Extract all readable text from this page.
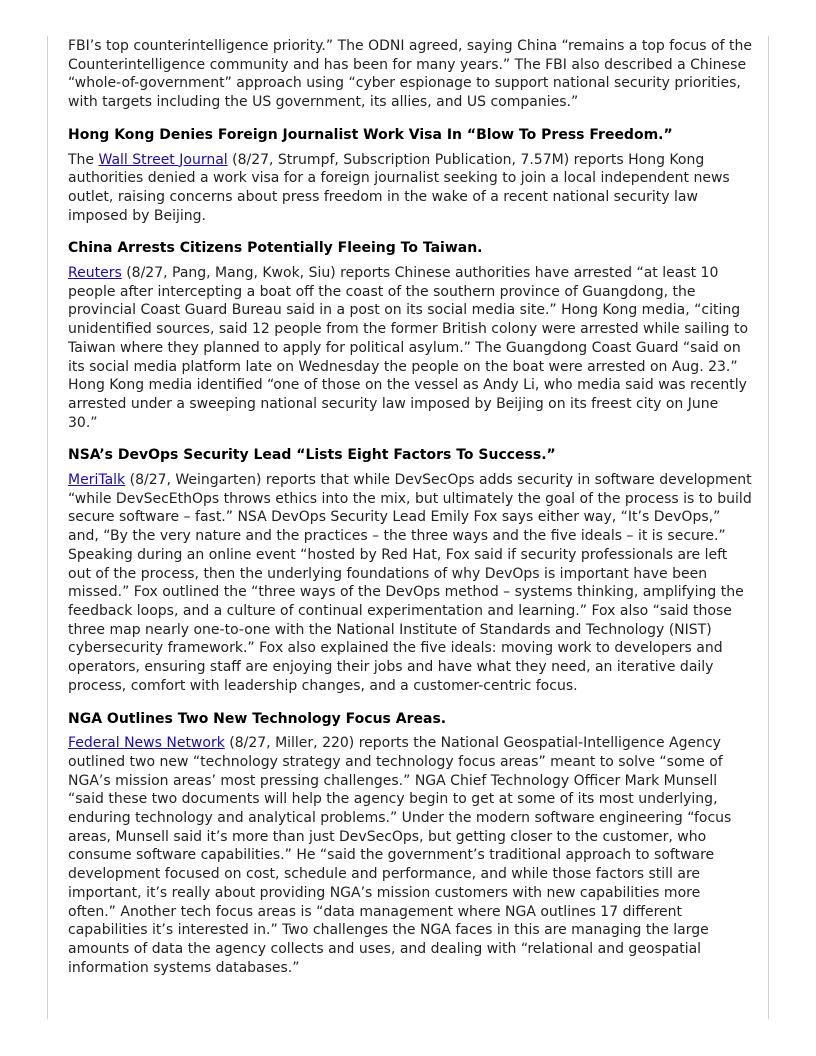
FBI’s top counterintelligence priority.” The ODNI agreed, saying China “remains a top focus of the Counterintelligence community and has been for many years.” The FBI also described a Chinese “whole-of-government” approach using “cyber espionage to support national security priorities, with targets including the US government, its allies, and US companies.”

Hong Kong Denies Foreign Journalist Work Visa In “Blow To Press Freedom.”

The Wall Street Journal (8/27, Strumpf, Subscription Publication, 7.57M) reports Hong Kong authorities denied a work visa for a foreign journalist seeking to join a local independent news outlet, raising concerns about press freedom in the wake of a recent national security law imposed by Beijing.

China Arrests Citizens Potentially Fleeing To Taiwan.

Reuters (8/27, Pang, Mang, Kwok, Siu) reports Chinese authorities have arrested “at least 10 people after intercepting a boat off the coast of the southern province of Guangdong, the provincial Coast Guard Bureau said in a post on its social media site.” Hong Kong media, “citing unidentified sources, said 12 people from the former British colony were arrested while sailing to Taiwan where they planned to apply for political asylum.” The Guangdong Coast Guard “said on its social media platform late on Wednesday the people on the boat were arrested on Aug. 23.” Hong Kong media identified “one of those on the vessel as Andy Li, who media said was recently arrested under a sweeping national security law imposed by Beijing on its freest city on June 30.”

NSA’s DevOps Security Lead “Lists Eight Factors To Success.”

MeriTalk (8/27, Weingarten) reports that while DevSecOps adds security in software development “while DevSecEthOps throws ethics into the mix, but ultimately the goal of the process is to build secure software – fast.” NSA DevOps Security Lead Emily Fox says either way, “It’s DevOps,” and, “By the very nature and the practices – the three ways and the five ideals – it is secure.” Speaking during an online event “hosted by Red Hat, Fox said if security professionals are left out of the process, then the underlying foundations of why DevOps is important have been missed.” Fox outlined the “three ways of the DevOps method – systems thinking, amplifying the feedback loops, and a culture of continual experimentation and learning.” Fox also “said those three map nearly one-to-one with the National Institute of Standards and Technology (NIST) cybersecurity framework.” Fox also explained the five ideals: moving work to developers and operators, ensuring staff are enjoying their jobs and have what they need, an iterative daily process, comfort with leadership changes, and a customer-centric focus.

NGA Outlines Two New Technology Focus Areas.

Federal News Network (8/27, Miller, 220) reports the National Geospatial-Intelligence Agency outlined two new “technology strategy and technology focus areas” meant to solve “some of NGA’s mission areas’ most pressing challenges.” NGA Chief Technology Officer Mark Munsell “said these two documents will help the agency begin to get at some of its most underlying, enduring technology and analytical problems.” Under the modern software engineering “focus areas, Munsell said it’s more than just DevSecOps, but getting closer to the customer, who consume software capabilities.” He “said the government’s traditional approach to software development focused on cost, schedule and performance, and while those factors still are important, it’s really about providing NGA’s mission customers with new capabilities more often.” Another tech focus areas is “data management where NGA outlines 17 different capabilities it’s interested in.” Two challenges the NGA faces in this are managing the large amounts of data the agency collects and uses, and dealing with “relational and geospatial information systems databases.”
